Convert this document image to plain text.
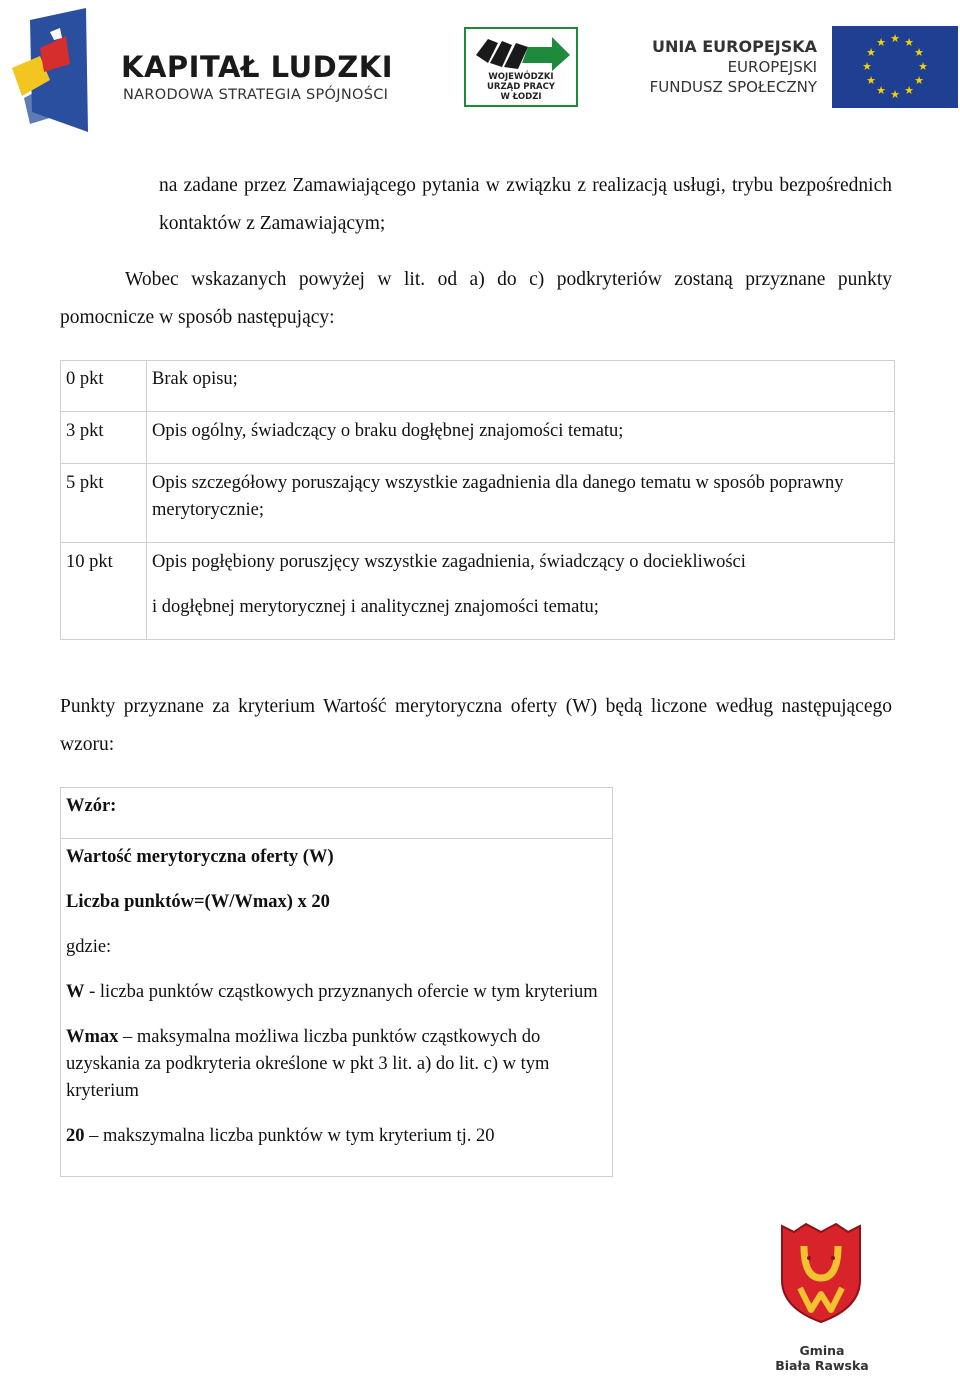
KAPITAŁ LUDZKI
NARODOWA STRATEGIA SPÓJNOŚCI
WOJEWÓDZKI
URZĄD PRACY
W ŁODZI
UNIA EUROPEJSKA
EUROPEJSKI
FUNDUSZ SPOŁECZNY
★ ★
★
★
★
★
★
★
★
★
★
★

na zadane przez Zamawiającego pytania w związku z realizacją usługi, trybu bezpośrednich kontaktów z Zamawiającym;

Wobec wskazanych powyżej w lit. od a) do c) podkryteriów zostaną przyznane punkty pomocnicze w sposób następujący:

0 pkt	Brak opisu;
3 pkt	Opis ogólny, świadczący o braku dogłębnej znajomości tematu;
5 pkt	Opis szczegółowy poruszający wszystkie zagadnienia dla danego tematu w sposób poprawny merytorycznie;
10 pkt	Opis pogłębiony poruszjęcy wszystkie zagadnienia, świadczący o dociekliwości
i dogłębnej merytorycznej i analitycznej znajomości tematu;

Punkty przyznane za kryterium Wartość merytoryczna oferty (W) będą liczone według następującego wzoru:

Wzór:

Wartość merytoryczna oferty (W)

Liczba punktów=(W/Wmax) x 20

gdzie:

W - liczba punktów cząstkowych przyznanych ofercie w tym kryterium

Wmax – maksymalna możliwa liczba punktów cząstkowych do uzyskania za podkryteria określone w pkt 3 lit. a) do lit. c) w tym kryterium

20 – makszymalna liczba punktów w tym kryterium tj. 20

Gmina
Biała Rawska
